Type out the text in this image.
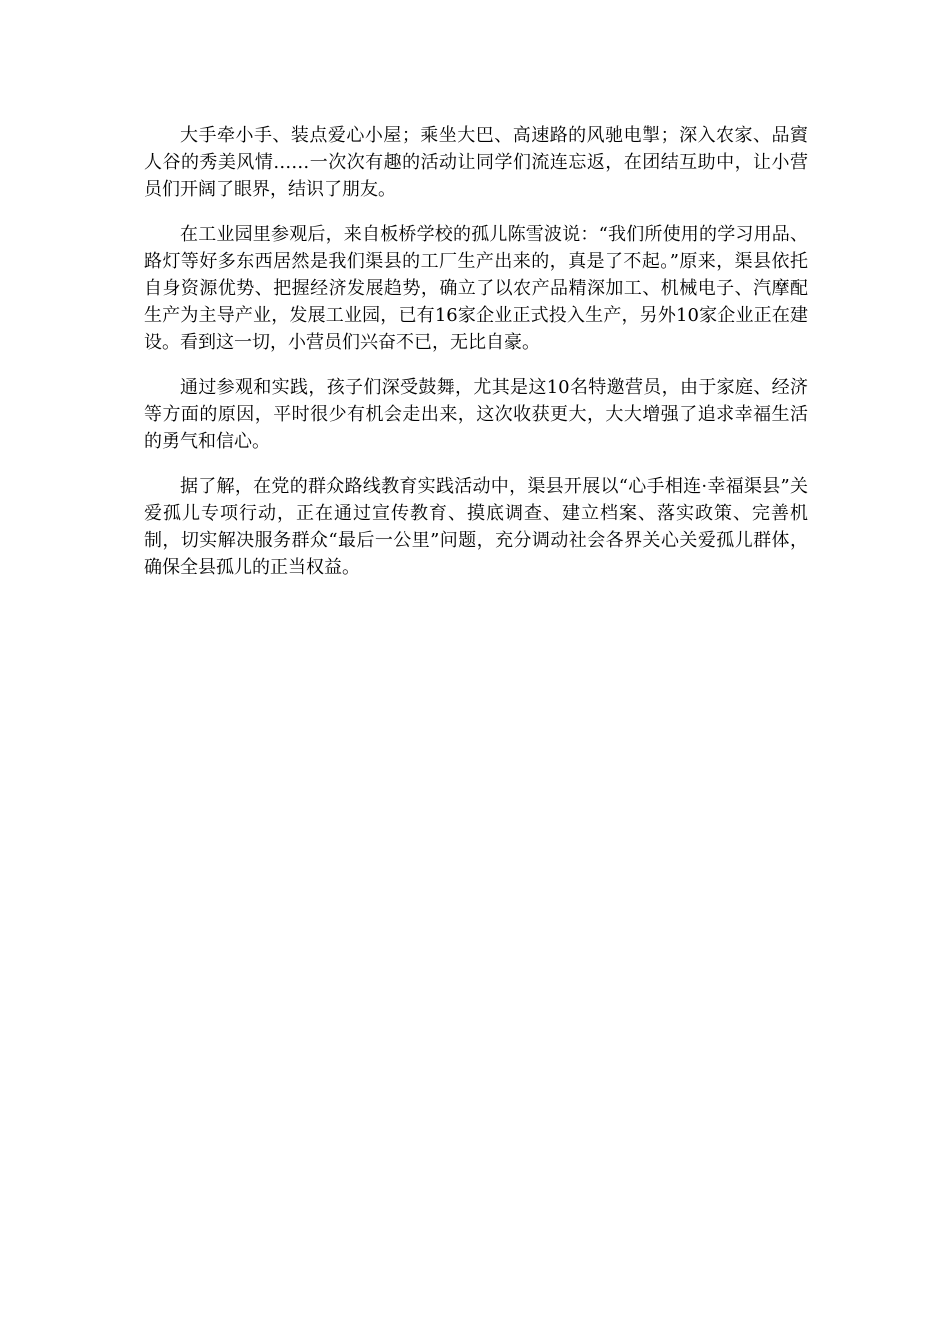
大手牵小手、装点爱心小屋；乘坐大巴、高速路的风驰电掣；深入农家、品賨人谷的秀美风情……一次次有趣的活动让同学们流连忘返，在团结互助中，让小营员们开阔了眼界，结识了朋友。

在工业园里参观后，来自板桥学校的孤儿陈雪波说：“我们所使用的学习用品、路灯等好多东西居然是我们渠县的工厂生产出来的，真是了不起。”原来，渠县依托自身资源优势、把握经济发展趋势，确立了以农产品精深加工、机械电子、汽摩配生产为主导产业，发展工业园，已有16家企业正式投入生产，另外10家企业正在建设。看到这一切，小营员们兴奋不已，无比自豪。

通过参观和实践，孩子们深受鼓舞，尤其是这10名特邀营员，由于家庭、经济等方面的原因，平时很少有机会走出来，这次收获更大，大大增强了追求幸福生活的勇气和信心。

据了解，在党的群众路线教育实践活动中，渠县开展以“心手相连·幸福渠县”关爱孤儿专项行动，正在通过宣传教育、摸底调查、建立档案、落实政策、完善机制，切实解决服务群众“最后一公里”问题，充分调动社会各界关心关爱孤儿群体，确保全县孤儿的正当权益。
